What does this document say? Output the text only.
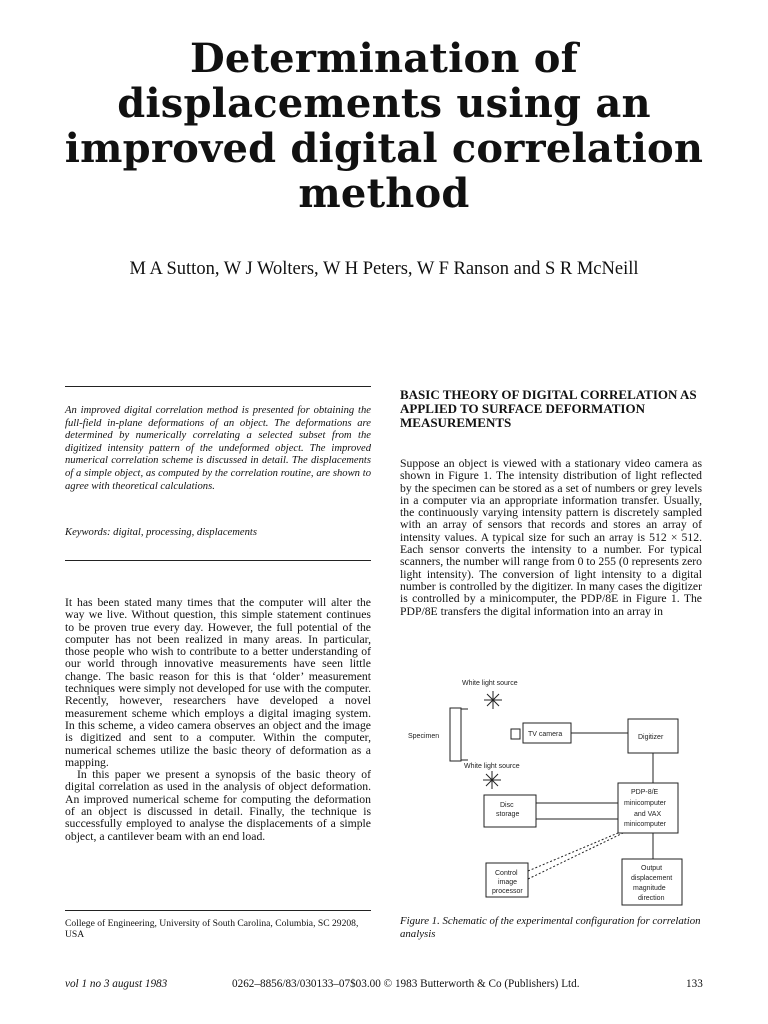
Determination of
displacements using an
improved digital correlation
method
M A Sutton, W J Wolters, W H Peters, W F Ranson and S R McNeill
An improved digital correlation method is presented for obtaining the full-field in-plane deformations of an object. The deformations are determined by numerically correlating a selected subset from the digitized intensity pattern of the undeformed object. The improved numerical correlation scheme is discussed in detail. The displacements of a simple object, as computed by the correlation routine, are shown to agree with theoretical calculations.
Keywords: digital, processing, displacements

It has been stated many times that the computer will alter the way we live. Without question, this simple statement continues to be proven true every day. However, the full potential of the computer has not been realized in many areas. In particular, those people who wish to contribute to a better understanding of our world through innovative measurements have seen little change. The basic reason for this is that ‘older’ measurement techniques were simply not developed for use with the computer. Recently, however, researchers have developed a novel measurement scheme which employs a digital imaging system. In this scheme, a video camera observes an object and the image is digitized and sent to a computer. Within the computer, numerical schemes utilize the basic theory of deformation as a mapping.

In this paper we present a synopsis of the basic theory of digital correlation as used in the analysis of object deformation. An improved numerical scheme for computing the deformation of an object is discussed in detail. Finally, the technique is successfully employed to analyse the displacements of a simple object, a cantilever beam with an end load.

College of Engineering, University of South Carolina, Columbia, SC 29208, USA
BASIC THEORY OF DIGITAL CORRELATION AS APPLIED TO SURFACE DEFORMATION MEASUREMENTS

Suppose an object is viewed with a stationary video camera as shown in Figure 1. The intensity distribution of light reflected by the specimen can be stored as a set of numbers or grey levels in a computer via an appropriate information transfer. Usually, the continuously varying intensity pattern is discretely sampled with an array of sensors that records and stores an array of intensity values. A typical size for such an array is 512 × 512. Each sensor converts the intensity to a number. For typical scanners, the number will range from 0 to 255 (0 represents zero light intensity). The conversion of light intensity to a digital number is controlled by the digitizer. In many cases the digitizer is controlled by a minicomputer, the PDP/8E in Figure 1. The PDP/8E transfers the digital information into an array in

White light source
Specimen	TV camera	Digitizer
White light source
Disc
storage
PDP-8/E
minicomputer
and VAX
minicomputer
Control
image
processor
Output
displacement
magnitude
direction
Figure 1. Schematic of the experimental configuration for correlation analysis
vol 1 no 3 august 1983	0262–8856/83/030133–07$03.00 © 1983 Butterworth & Co (Publishers) Ltd.	133
